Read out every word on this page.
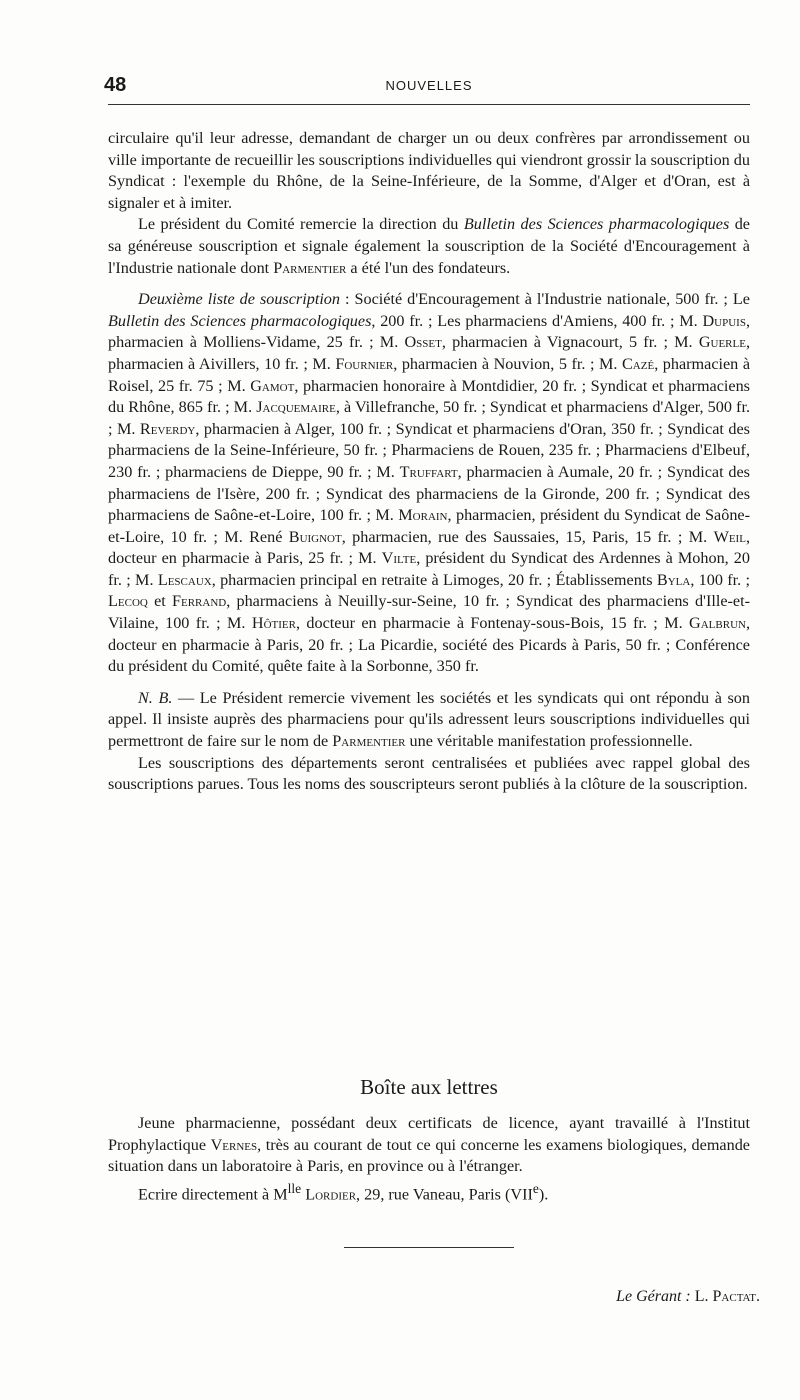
48	NOUVELLES

circulaire qu'il leur adresse, demandant de charger un ou deux confrères par arrondissement ou ville importante de recueillir les souscriptions individuelles qui viendront grossir la souscription du Syndicat : l'exemple du Rhône, de la Seine-Inférieure, de la Somme, d'Alger et d'Oran, est à signaler et à imiter.

Le président du Comité remercie la direction du Bulletin des Sciences pharmacologiques de sa généreuse souscription et signale également la souscription de la Société d'Encouragement à l'Industrie nationale dont Parmentier a été l'un des fondateurs.

Deuxième liste de souscription : Société d'Encouragement à l'Industrie nationale, 500 fr. ; Le Bulletin des Sciences pharmacologiques, 200 fr. ; Les pharmaciens d'Amiens, 400 fr. ; M. Dupuis, pharmacien à Molliens-Vidame, 25 fr. ; M. Osset, pharmacien à Vignacourt, 5 fr. ; M. Guerle, pharmacien à Aivillers, 10 fr. ; M. Fournier, pharmacien à Nouvion, 5 fr. ; M. Cazé, pharmacien à Roisel, 25 fr. 75 ; M. Gamot, pharmacien honoraire à Montdidier, 20 fr. ; Syndicat et pharmaciens du Rhône, 865 fr. ; M. Jacquemaire, à Villefranche, 50 fr. ; Syndicat et pharmaciens d'Alger, 500 fr. ; M. Reverdy, pharmacien à Alger, 100 fr. ; Syndicat et pharmaciens d'Oran, 350 fr. ; Syndicat des pharmaciens de la Seine-Inférieure, 50 fr. ; Pharmaciens de Rouen, 235 fr. ; Pharmaciens d'Elbeuf, 230 fr. ; pharmaciens de Dieppe, 90 fr. ; M. Truffart, pharmacien à Aumale, 20 fr. ; Syndicat des pharmaciens de l'Isère, 200 fr. ; Syndicat des pharmaciens de la Gironde, 200 fr. ; Syndicat des pharmaciens de Saône-et-Loire, 100 fr. ; M. Morain, pharmacien, président du Syndicat de Saône-et-Loire, 10 fr. ; M. René Buignot, pharmacien, rue des Saussaies, 15, Paris, 15 fr. ; M. Weil, docteur en pharmacie à Paris, 25 fr. ; M. Vilte, président du Syndicat des Ardennes à Mohon, 20 fr. ; M. Lescaux, pharmacien principal en retraite à Limoges, 20 fr. ; Établissements Byla, 100 fr. ; Lecoq et Ferrand, pharmaciens à Neuilly-sur-Seine, 10 fr. ; Syndicat des pharmaciens d'Ille-et-Vilaine, 100 fr. ; M. Hôtier, docteur en pharmacie à Fontenay-sous-Bois, 15 fr. ; M. Galbrun, docteur en pharmacie à Paris, 20 fr. ; La Picardie, société des Picards à Paris, 50 fr. ; Conférence du président du Comité, quête faite à la Sorbonne, 350 fr.

N. B. — Le Président remercie vivement les sociétés et les syndicats qui ont répondu à son appel. Il insiste auprès des pharmaciens pour qu'ils adressent leurs souscriptions individuelles qui permettront de faire sur le nom de Parmentier une véritable manifestation professionnelle.

Les souscriptions des départements seront centralisées et publiées avec rappel global des souscriptions parues. Tous les noms des souscripteurs seront publiés à la clôture de la souscription.

Boîte aux lettres

Jeune pharmacienne, possédant deux certificats de licence, ayant travaillé à l'Institut Prophylactique Vernes, très au courant de tout ce qui concerne les examens biologiques, demande situation dans un laboratoire à Paris, en province ou à l'étranger.

Ecrire directement à $M^{lle}$ Lordier, 29, rue Vaneau, Paris (VIIe).

Le Gérant : L. Pactat.
